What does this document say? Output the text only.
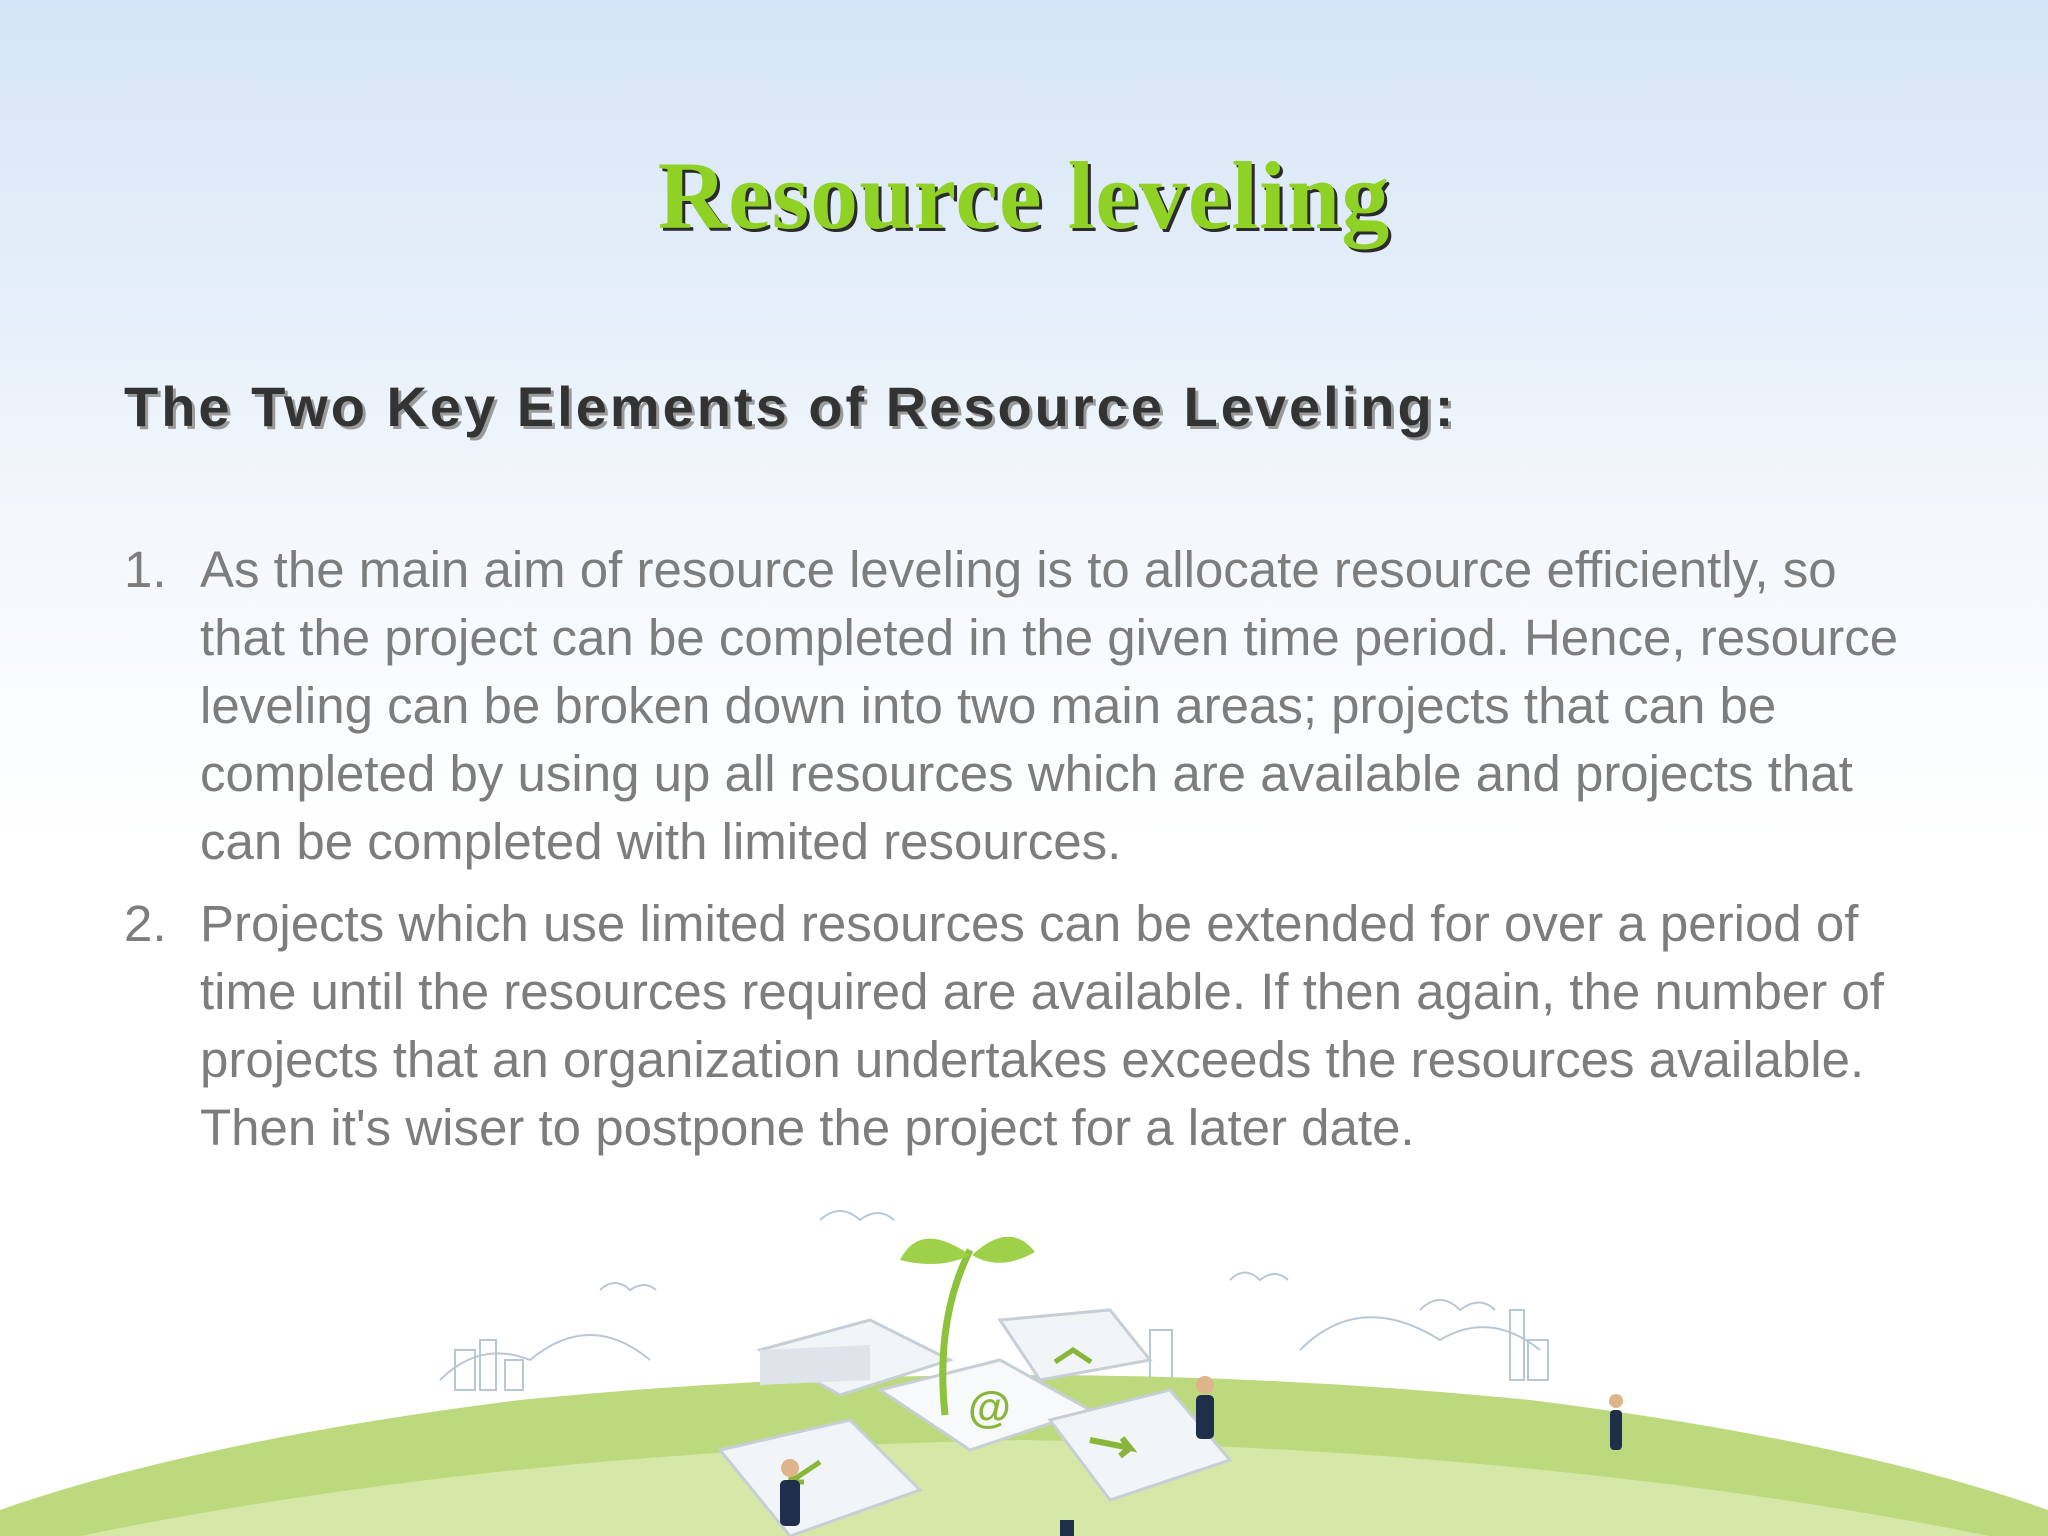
Resource leveling
The Two Key Elements of Resource Leveling:
1. As the main aim of resource leveling is to allocate resource efficiently, so that the project can be completed in the given time period. Hence, resource leveling can be broken down into two main areas; projects that can be completed by using up all resources which are available and projects that can be completed with limited resources.
2. Projects which use limited resources can be extended for over a period of time until the resources required are available. If then again, the number of projects that an organization undertakes exceeds the resources available. Then it's wiser to postpone the project for a later date.
@
